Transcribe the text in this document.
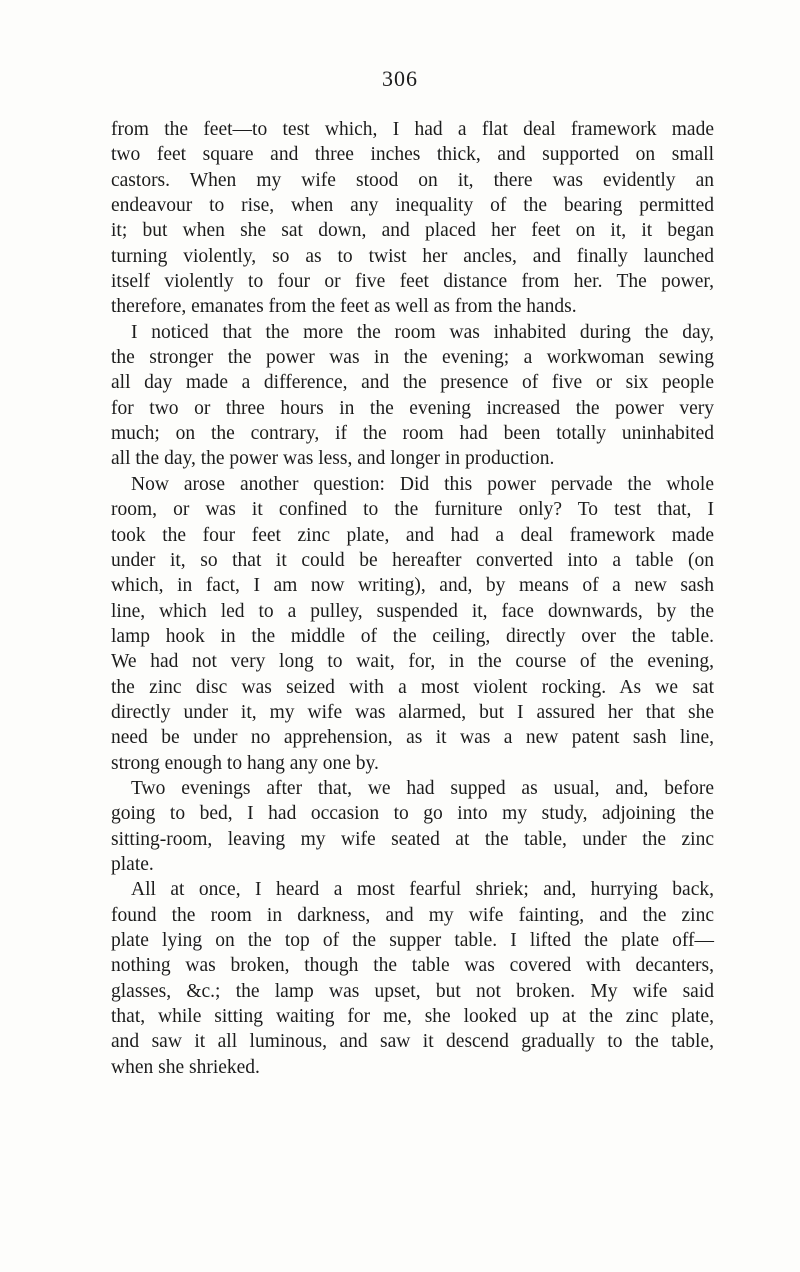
306
from the feet—to test which, I had a flat deal framework made
two feet square and three inches thick, and supported on small
castors. When my wife stood on it, there was evidently an
endeavour to rise, when any inequality of the bearing permitted
it; but when she sat down, and placed her feet on it, it began
turning violently, so as to twist her ancles, and finally launched
itself violently to four or five feet distance from her. The power,
therefore, emanates from the feet as well as from the hands.
I noticed that the more the room was inhabited during the day,
the stronger the power was in the evening; a workwoman sewing
all day made a difference, and the presence of five or six people
for two or three hours in the evening increased the power very
much; on the contrary, if the room had been totally uninhabited
all the day, the power was less, and longer in production.
Now arose another question: Did this power pervade the whole
room, or was it confined to the furniture only? To test that, I
took the four feet zinc plate, and had a deal framework made
under it, so that it could be hereafter converted into a table (on
which, in fact, I am now writing), and, by means of a new sash
line, which led to a pulley, suspended it, face downwards, by the
lamp hook in the middle of the ceiling, directly over the table.
We had not very long to wait, for, in the course of the evening,
the zinc disc was seized with a most violent rocking. As we sat
directly under it, my wife was alarmed, but I assured her that she
need be under no apprehension, as it was a new patent sash line,
strong enough to hang any one by.
Two evenings after that, we had supped as usual, and, before
going to bed, I had occasion to go into my study, adjoining the
sitting-room, leaving my wife seated at the table, under the zinc
plate.
All at once, I heard a most fearful shriek; and, hurrying back,
found the room in darkness, and my wife fainting, and the zinc
plate lying on the top of the supper table. I lifted the plate off—
nothing was broken, though the table was covered with decanters,
glasses, &c.; the lamp was upset, but not broken. My wife said
that, while sitting waiting for me, she looked up at the zinc plate,
and saw it all luminous, and saw it descend gradually to the table,
when she shrieked.
